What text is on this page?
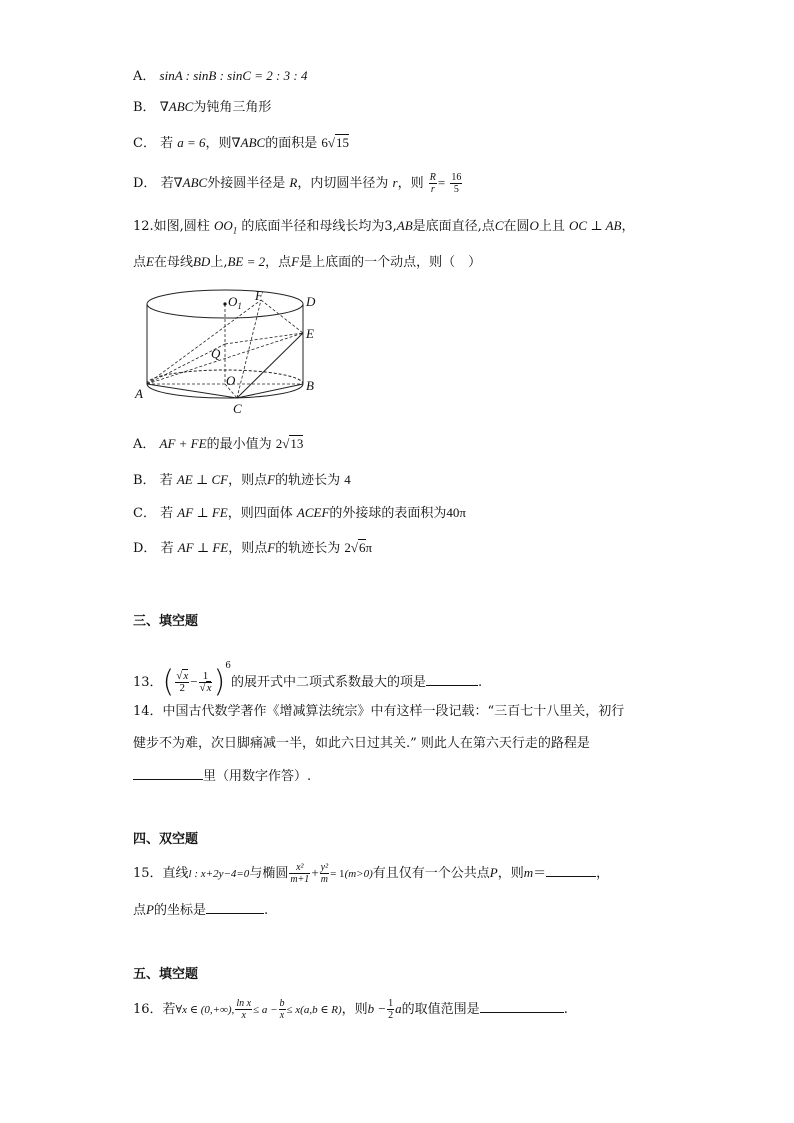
A． sinA : sinB : sinC = 2 : 3 : 4
B． ∇ABC为钝角三角形
C． 若 a = 6，则∇ABC的面积是 6√15
D． 若∇ABC外接圆半径是 R，内切圆半径为 r，则 $\frac{R}{r} = \frac{16}{5}$
12.如图,圆柱 $OO_1$ 的底面半径和母线长均为3,AB是底面直径,点C在圆O上且 OC ⊥ AB，
点E在母线BD上,BE = 2，点F是上底面的一个动点，则（　）
$O_1$
F	D
E
Q
O
A
B
C
A． AF + FE的最小值为 2√13
B． 若 AE ⊥ CF，则点F的轨迹长为 4
C． 若 AF ⊥ FE，则四面体 ACEF的外接球的表面积为40π
D． 若 AF ⊥ FE，则点F的轨迹长为 2√6π
三、填空题
13．( $\frac{√x}{2} - \frac{1}{√x} )^6$的展开式中二项式系数最大的项是	.
14．中国古代数学著作《增减算法统宗》中有这样一段记载：“三百七十八里关，初行
健步不为难，次日脚痛减一半，如此六日过其关.” 则此人在第六天行走的路程是
里（用数字作答）.
四、双空题
15．直线l : x+2y−4=0与椭圆 $\frac{\text{x²}}{m+1} + \frac{\text{y²}}{m} = 1(m>0)$有且仅有一个公共点P，则m＝	，
点P的坐标是	.
五、填空题
16．若∀x ∈ (0,+∞), $\frac{\text{ln x}}{x} \le a - \frac{b}{x} \le x(a,b$ ∈ R)，则$b - \frac{1}{2}$ a的取值范围是	.
